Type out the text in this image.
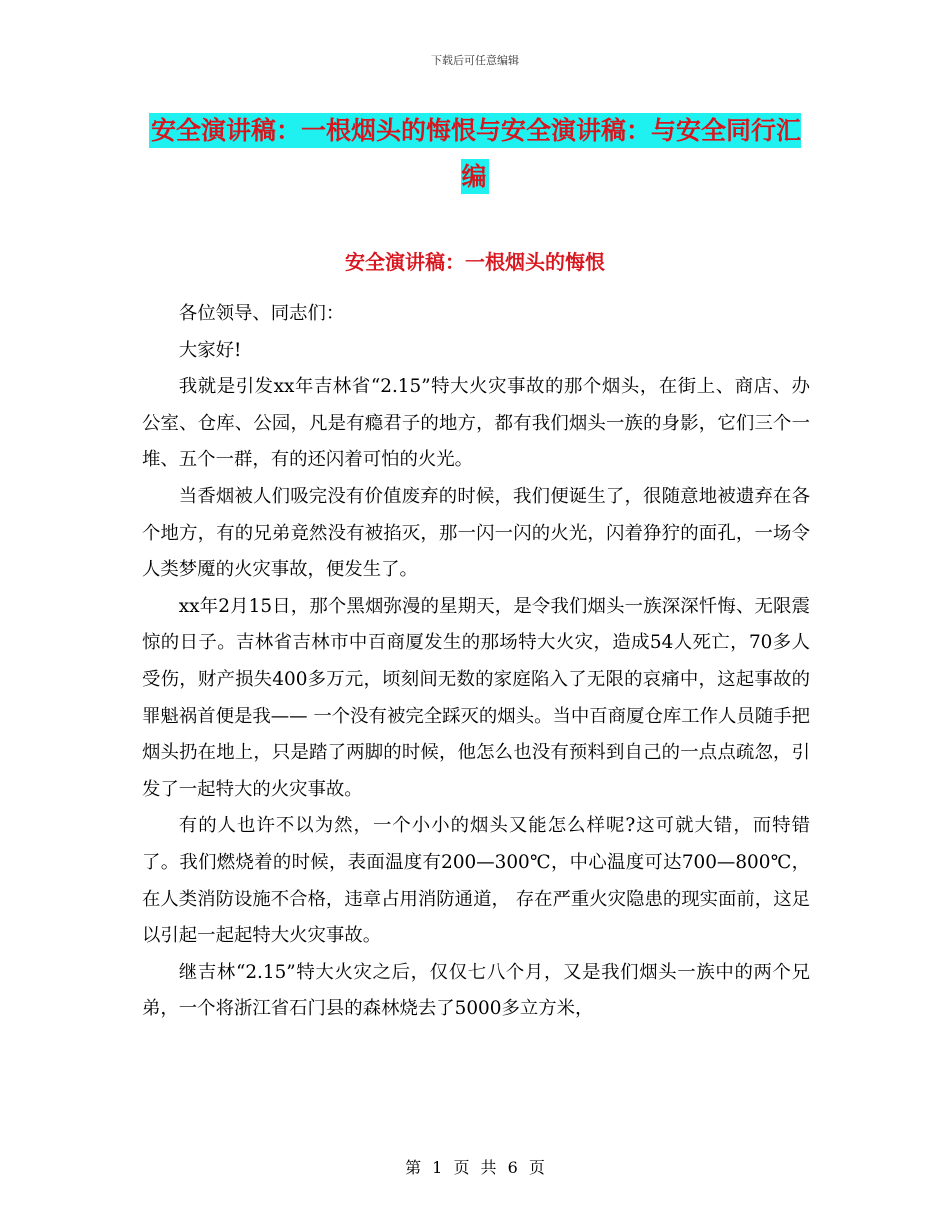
下载后可任意编辑
安全演讲稿：一根烟头的悔恨与安全演讲稿：与安全同行汇编
安全演讲稿：一根烟头的悔恨

各位领导、同志们：

大家好!

我就是引发xx年吉林省“2.15”特大火灾事故的那个烟头，在街上、商店、办公室、仓库、公园，凡是有瘾君子的地方，都有我们烟头一族的身影，它们三个一堆、五个一群，有的还闪着可怕的火光。

当香烟被人们吸完没有价值废弃的时候，我们便诞生了，很随意地被遗弃在各个地方，有的兄弟竟然没有被掐灭，那一闪一闪的火光，闪着狰狞的面孔，一场令人类梦魇的火灾事故，便发生了。

xx年2月15日，那个黑烟弥漫的星期天，是令我们烟头一族深深忏悔、无限震惊的日子。吉林省吉林市中百商厦发生的那场特大火灾，造成54人死亡，70多人受伤，财产损失400多万元，顷刻间无数的家庭陷入了无限的哀痛中，这起事故的罪魁祸首便是我—— 一个没有被完全踩灭的烟头。当中百商厦仓库工作人员随手把烟头扔在地上，只是踏了两脚的时候，他怎么也没有预料到自己的一点点疏忽，引发了一起特大的火灾事故。

有的人也许不以为然，一个小小的烟头又能怎么样呢?这可就大错，而特错了。我们燃烧着的时候，表面温度有200—300℃，中心温度可达700—800℃，在人类消防设施不合格，违章占用消防通道， 存在严重火灾隐患的现实面前，这足以引起一起起特大火灾事故。

继吉林“2.15”特大火灾之后，仅仅七八个月，又是我们烟头一族中的两个兄弟，一个将浙江省石门县的森林烧去了5000多立方米，

第 1 页 共 6 页
